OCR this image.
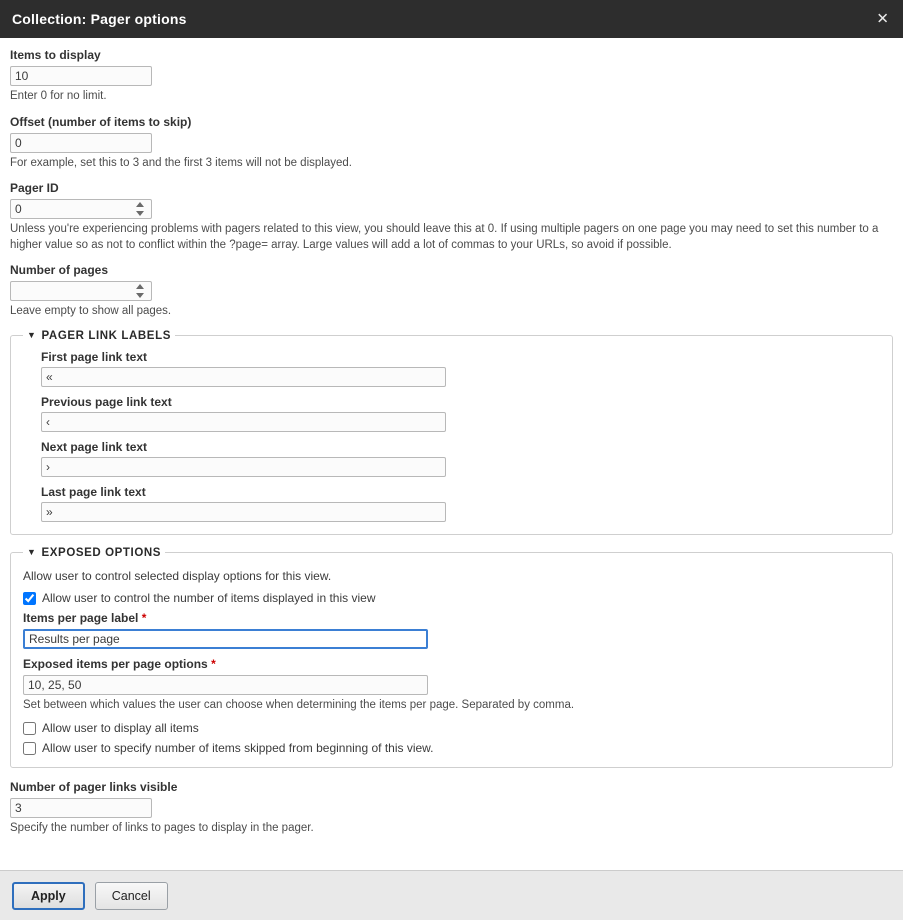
Collection: Pager options	✕
Items to display
10
Enter 0 for no limit.
Offset (number of items to skip)
0
For example, set this to 3 and the first 3 items will not be displayed.
Pager ID
0
Unless you're experiencing problems with pagers related to this view, you should leave this at 0. If using multiple pagers on one page you may need to set this number to a higher value so as not to conflict within the ?page= array. Large values will add a lot of commas to your URLs, so avoid if possible.
Number of pages
Leave empty to show all pages.
▼ PAGER LINK LABELS
First page link text
«
Previous page link text
‹
Next page link text
›
Last page link text
»
▼ EXPOSED OPTIONS
Allow user to control selected display options for this view.
Allow user to control the number of items displayed in this view
Items per page label *
Results per page
Exposed items per page options *
10, 25, 50
Set between which values the user can choose when determining the items per page. Separated by comma.
Allow user to display all items
Allow user to specify number of items skipped from beginning of this view.
Number of pager links visible
3
Specify the number of links to pages to display in the pager.
Apply	Cancel
